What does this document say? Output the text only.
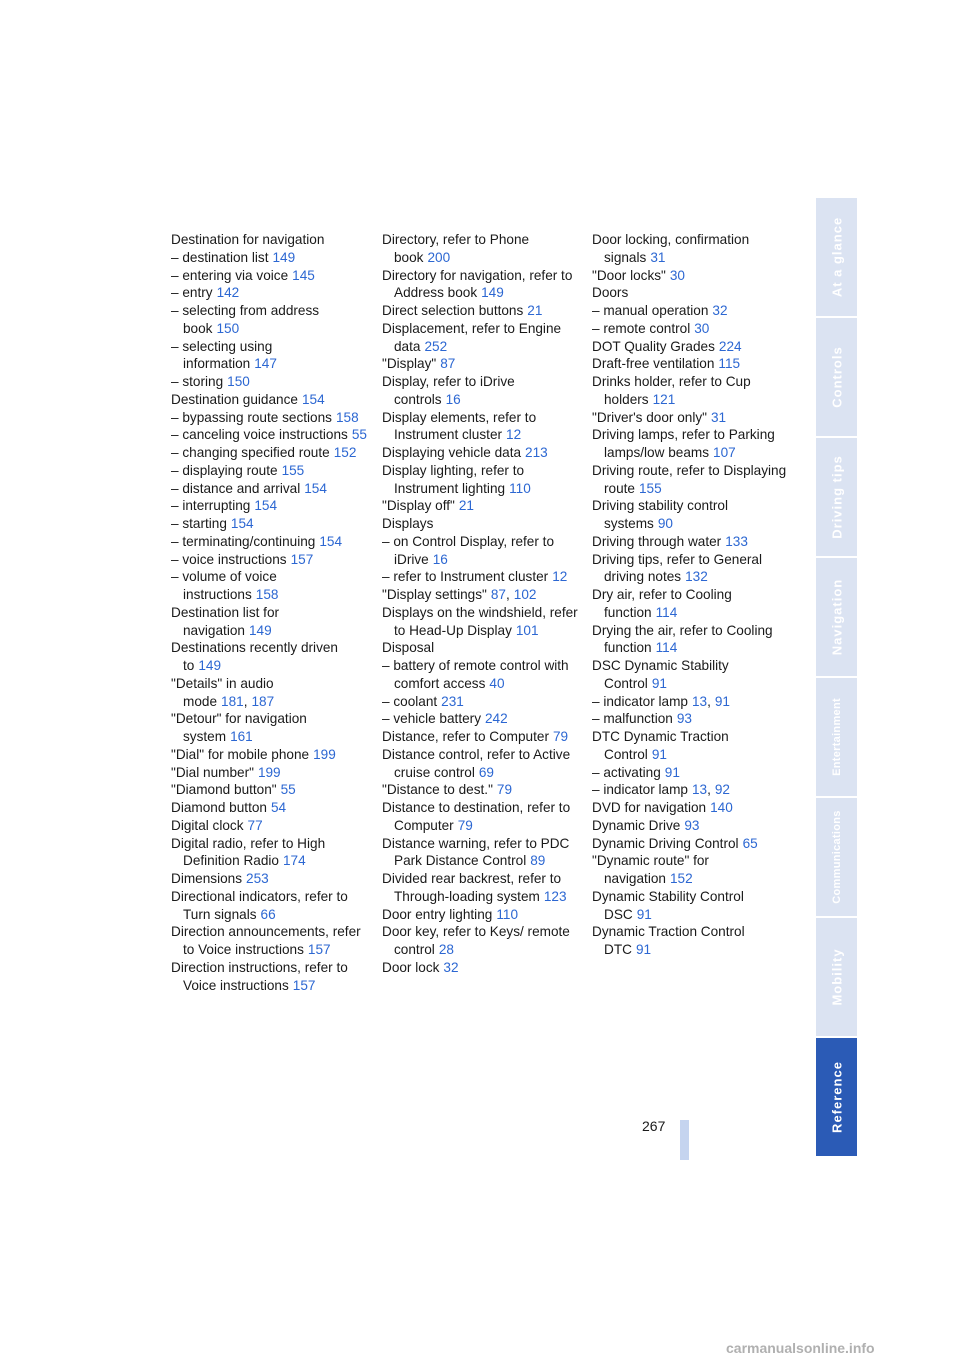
Destination for navigation
– destination list 149
– entering via voice 145
– entry 142
– selecting from address book 150
– selecting using information 147
– storing 150
Destination guidance 154
– bypassing route sections 158
– canceling voice instructions 55
– changing specified route 152
– displaying route 155
– distance and arrival 154
– interrupting 154
– starting 154
– terminating/continuing 154
– voice instructions 157
– volume of voice instructions 158
Destination list for navigation 149
Destinations recently driven to 149
"Details" in audio mode 181, 187
"Detour" for navigation system 161
"Dial" for mobile phone 199
"Dial number" 199
"Diamond button" 55
Diamond button 54
Digital clock 77
Digital radio, refer to High Definition Radio 174
Dimensions 253
Directional indicators, refer to Turn signals 66
Direction announcements, refer to Voice instructions 157
Direction instructions, refer to Voice instructions 157
Directory, refer to Phone book 200
Directory for navigation, refer to Address book 149
Direct selection buttons 21
Displacement, refer to Engine data 252
"Display" 87
Display, refer to iDrive controls 16
Display elements, refer to Instrument cluster 12
Displaying vehicle data 213
Display lighting, refer to Instrument lighting 110
"Display off" 21
Displays
– on Control Display, refer to iDrive 16
– refer to Instrument cluster 12
"Display settings" 87, 102
Displays on the windshield, refer to Head-Up Display 101
Disposal
– battery of remote control with comfort access 40
– coolant 231
– vehicle battery 242
Distance, refer to Computer 79
Distance control, refer to Active cruise control 69
"Distance to dest." 79
Distance to destination, refer to Computer 79
Distance warning, refer to PDC Park Distance Control 89
Divided rear backrest, refer to Through-loading system 123
Door entry lighting 110
Door key, refer to Keys/ remote control 28
Door lock 32
Door locking, confirmation signals 31
"Door locks" 30
Doors
– manual operation 32
– remote control 30
DOT Quality Grades 224
Draft-free ventilation 115
Drinks holder, refer to Cup holders 121
"Driver's door only" 31
Driving lamps, refer to Parking lamps/low beams 107
Driving route, refer to Displaying route 155
Driving stability control systems 90
Driving through water 133
Driving tips, refer to General driving notes 132
Dry air, refer to Cooling function 114
Drying the air, refer to Cooling function 114
DSC Dynamic Stability Control 91
– indicator lamp 13, 91
– malfunction 93
DTC Dynamic Traction Control 91
– activating 91
– indicator lamp 13, 92
DVD for navigation 140
Dynamic Drive 93
Dynamic Driving Control 65
"Dynamic route" for navigation 152
Dynamic Stability Control DSC 91
Dynamic Traction Control DTC 91
At a glance
Controls
Driving tips
Navigation
Entertainment
Communications
Mobility
Reference
267
carmanualsonline.info
